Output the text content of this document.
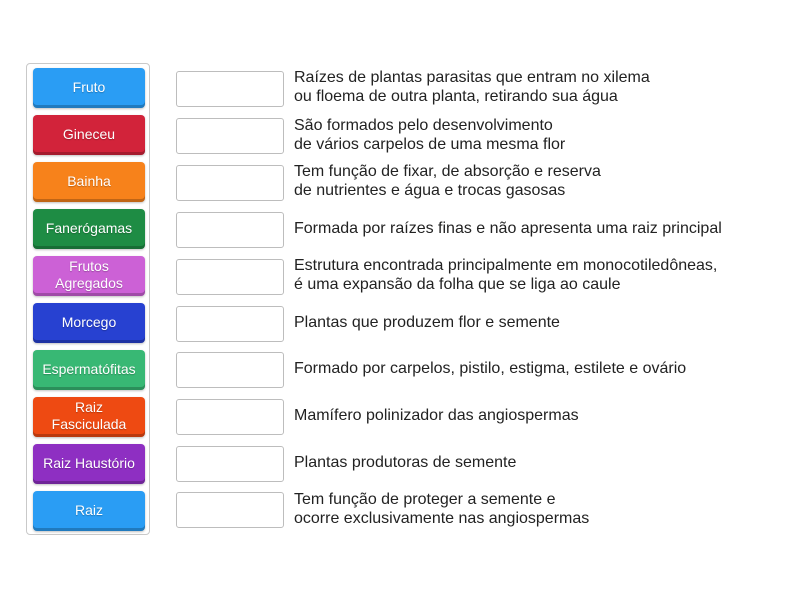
Fruto
Gineceu
Bainha
Fanerógamas
Frutos
Agregados
Morcego
Espermatófitas
Raiz
Fasciculada
Raiz Haustório
Raiz
Raízes de plantas parasitas que entram no xilema
ou floema de outra planta, retirando sua água
São formados pelo desenvolvimento
de vários carpelos de uma mesma flor
Tem função de fixar, de absorção e reserva
de nutrientes e água e trocas gasosas
Formada por raízes finas e não apresenta uma raiz principal
Estrutura encontrada principalmente em monocotiledôneas,
é uma expansão da folha que se liga ao caule
Plantas que produzem flor e semente
Formado por carpelos, pistilo, estigma, estilete e ovário
Mamífero polinizador das angiospermas
Plantas produtoras de semente
Tem função de proteger a semente e
ocorre exclusivamente nas angiospermas
